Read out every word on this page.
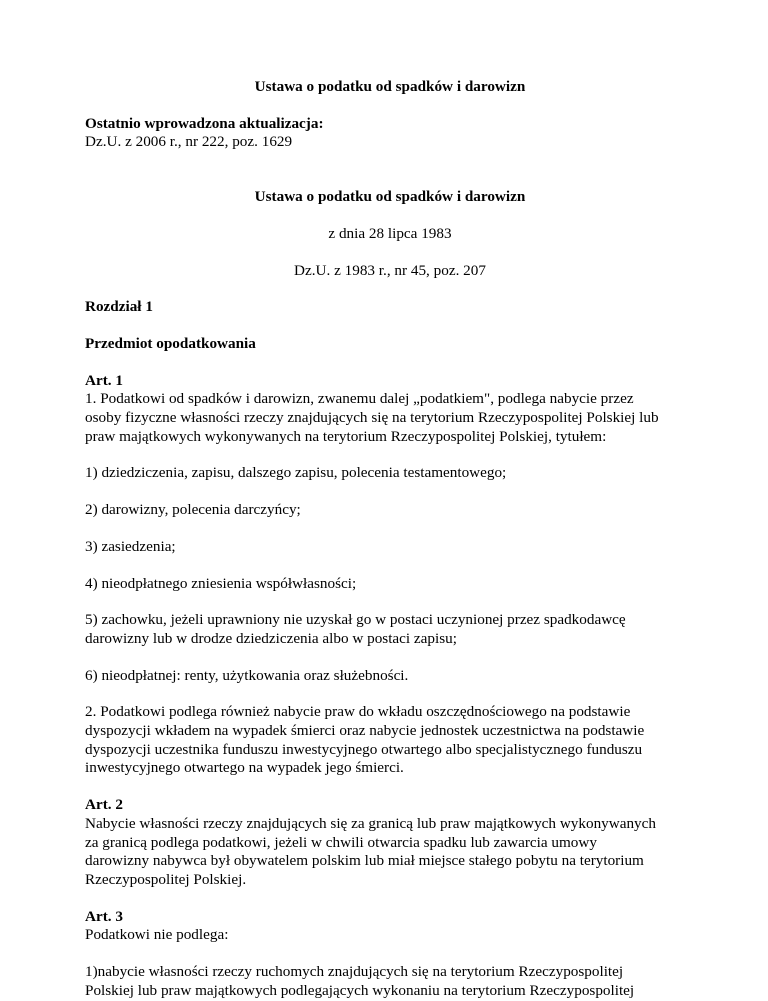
Ustawa o podatku od spadków i darowizn

Ostatnio wprowadzona aktualizacja:

Dz.U. z 2006 r., nr 222, poz. 1629

Ustawa o podatku od spadków i darowizn

z dnia 28 lipca 1983

Dz.U. z 1983 r., nr 45, poz. 207

Rozdział 1

Przedmiot opodatkowania

Art. 1

1. Podatkowi od spadków i darowizn, zwanemu dalej „podatkiem", podlega nabycie przez
osoby fizyczne własności rzeczy znajdujących się na terytorium Rzeczypospolitej Polskiej lub
praw majątkowych wykonywanych na terytorium Rzeczypospolitej Polskiej, tytułem:

1) dziedziczenia, zapisu, dalszego zapisu, polecenia testamentowego;

2) darowizny, polecenia darczyńcy;

3) zasiedzenia;

4) nieodpłatnego zniesienia współwłasności;

5) zachowku, jeżeli uprawniony nie uzyskał go w postaci uczynionej przez spadkodawcę
darowizny lub w drodze dziedziczenia albo w postaci zapisu;

6) nieodpłatnej: renty, użytkowania oraz służebności.

2. Podatkowi podlega również nabycie praw do wkładu oszczędnościowego na podstawie
dyspozycji wkładem na wypadek śmierci oraz nabycie jednostek uczestnictwa na podstawie
dyspozycji uczestnika funduszu inwestycyjnego otwartego albo specjalistycznego funduszu
inwestycyjnego otwartego na wypadek jego śmierci.

Art. 2

Nabycie własności rzeczy znajdujących się za granicą lub praw majątkowych wykonywanych
za granicą podlega podatkowi, jeżeli w chwili otwarcia spadku lub zawarcia umowy
darowizny nabywca był obywatelem polskim lub miał miejsce stałego pobytu na terytorium
Rzeczypospolitej Polskiej.

Art. 3

Podatkowi nie podlega:

1)nabycie własności rzeczy ruchomych znajdujących się na terytorium Rzeczypospolitej
Polskiej lub praw majątkowych podlegających wykonaniu na terytorium Rzeczypospolitej
